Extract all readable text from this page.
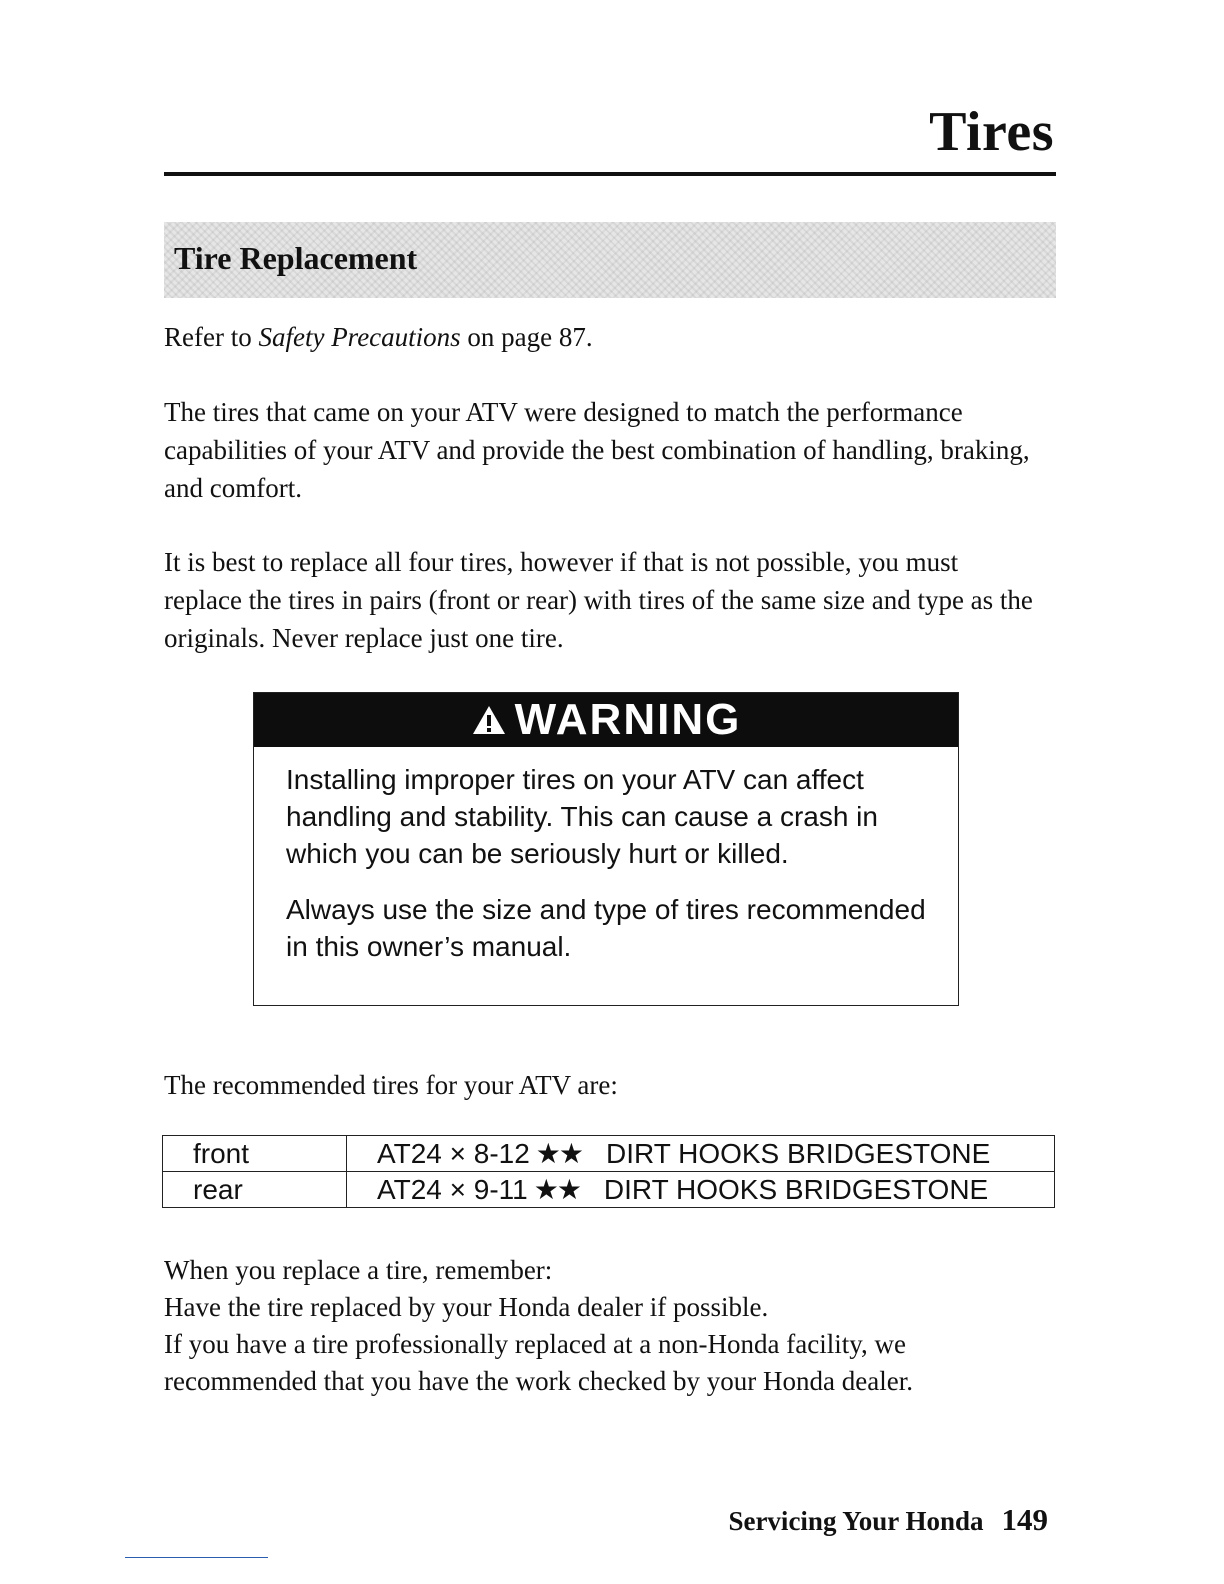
Tires
Tire Replacement

Refer to Safety Precautions on page 87.

The tires that came on your ATV were designed to match the performance capabilities of your ATV and provide the best combination of handling, braking, and comfort.

It is best to replace all four tires, however if that is not possible, you must replace the tires in pairs (front or rear) with tires of the same size and type as the originals. Never replace just one tire.

WARNING

Installing improper tires on your ATV can affect handling and stability. This can cause a crash in which you can be seriously hurt or killed.

Always use the size and type of tires recommended in this owner’s manual.

The recommended tires for your ATV are:

front	AT24 × 8-12 ★★ DIRT HOOKS BRIDGESTONE
rear	AT24 × 9-11 ★★ DIRT HOOKS BRIDGESTONE

When you replace a tire, remember:

Have the tire replaced by your Honda dealer if possible.

If you have a tire professionally replaced at a non-Honda facility, we recommended that you have the work checked by your Honda dealer.

Servicing Your Honda 149
